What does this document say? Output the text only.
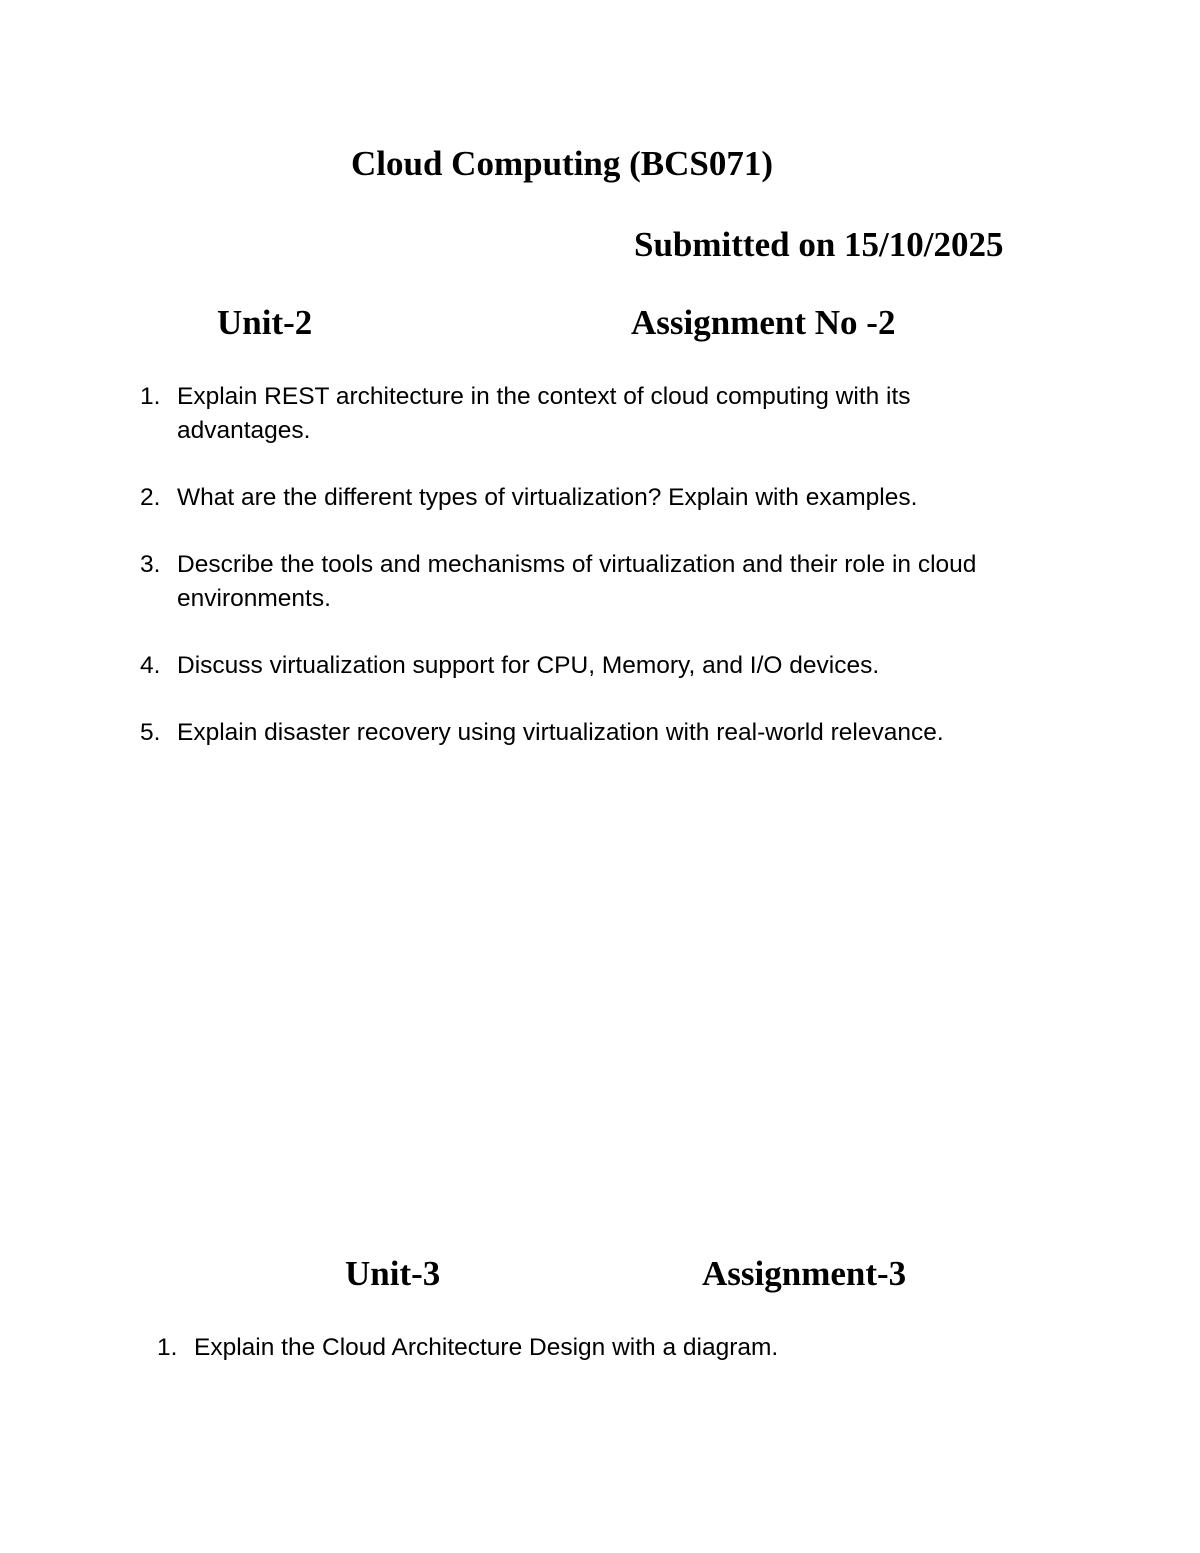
Cloud Computing (BCS071)
Submitted on 15/10/2025
Unit-2	Assignment No -2
1. Explain REST architecture in the context of cloud computing with its advantages.
2. What are the different types of virtualization? Explain with examples.
3. Describe the tools and mechanisms of virtualization and their role in cloud environments.
4. Discuss virtualization support for CPU, Memory, and I/O devices.
5. Explain disaster recovery using virtualization with real-world relevance.
Unit-3	Assignment-3
1. Explain the Cloud Architecture Design with a diagram.
